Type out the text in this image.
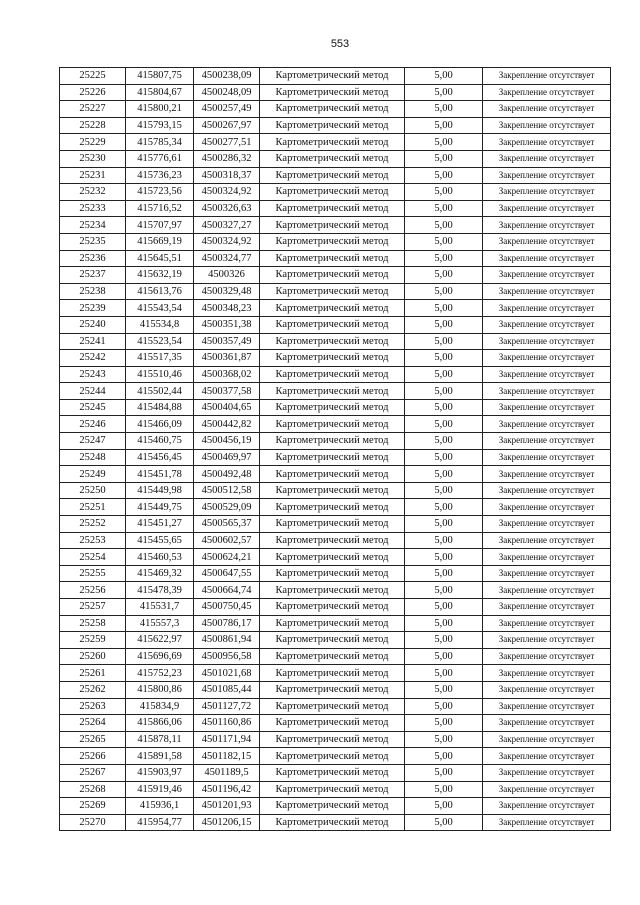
553
25225	415807,75	4500238,09	Картометрический метод	5,00	Закрепление отсутствует
25226	415804,67	4500248,09	Картометрический метод	5,00	Закрепление отсутствует
25227	415800,21	4500257,49	Картометрический метод	5,00	Закрепление отсутствует
25228	415793,15	4500267,97	Картометрический метод	5,00	Закрепление отсутствует
25229	415785,34	4500277,51	Картометрический метод	5,00	Закрепление отсутствует
25230	415776,61	4500286,32	Картометрический метод	5,00	Закрепление отсутствует
25231	415736,23	4500318,37	Картометрический метод	5,00	Закрепление отсутствует
25232	415723,56	4500324,92	Картометрический метод	5,00	Закрепление отсутствует
25233	415716,52	4500326,63	Картометрический метод	5,00	Закрепление отсутствует
25234	415707,97	4500327,27	Картометрический метод	5,00	Закрепление отсутствует
25235	415669,19	4500324,92	Картометрический метод	5,00	Закрепление отсутствует
25236	415645,51	4500324,77	Картометрический метод	5,00	Закрепление отсутствует
25237	415632,19	4500326	Картометрический метод	5,00	Закрепление отсутствует
25238	415613,76	4500329,48	Картометрический метод	5,00	Закрепление отсутствует
25239	415543,54	4500348,23	Картометрический метод	5,00	Закрепление отсутствует
25240	415534,8	4500351,38	Картометрический метод	5,00	Закрепление отсутствует
25241	415523,54	4500357,49	Картометрический метод	5,00	Закрепление отсутствует
25242	415517,35	4500361,87	Картометрический метод	5,00	Закрепление отсутствует
25243	415510,46	4500368,02	Картометрический метод	5,00	Закрепление отсутствует
25244	415502,44	4500377,58	Картометрический метод	5,00	Закрепление отсутствует
25245	415484,88	4500404,65	Картометрический метод	5,00	Закрепление отсутствует
25246	415466,09	4500442,82	Картометрический метод	5,00	Закрепление отсутствует
25247	415460,75	4500456,19	Картометрический метод	5,00	Закрепление отсутствует
25248	415456,45	4500469,97	Картометрический метод	5,00	Закрепление отсутствует
25249	415451,78	4500492,48	Картометрический метод	5,00	Закрепление отсутствует
25250	415449,98	4500512,58	Картометрический метод	5,00	Закрепление отсутствует
25251	415449,75	4500529,09	Картометрический метод	5,00	Закрепление отсутствует
25252	415451,27	4500565,37	Картометрический метод	5,00	Закрепление отсутствует
25253	415455,65	4500602,57	Картометрический метод	5,00	Закрепление отсутствует
25254	415460,53	4500624,21	Картометрический метод	5,00	Закрепление отсутствует
25255	415469,32	4500647,55	Картометрический метод	5,00	Закрепление отсутствует
25256	415478,39	4500664,74	Картометрический метод	5,00	Закрепление отсутствует
25257	415531,7	4500750,45	Картометрический метод	5,00	Закрепление отсутствует
25258	415557,3	4500786,17	Картометрический метод	5,00	Закрепление отсутствует
25259	415622,97	4500861,94	Картометрический метод	5,00	Закрепление отсутствует
25260	415696,69	4500956,58	Картометрический метод	5,00	Закрепление отсутствует
25261	415752,23	4501021,68	Картометрический метод	5,00	Закрепление отсутствует
25262	415800,86	4501085,44	Картометрический метод	5,00	Закрепление отсутствует
25263	415834,9	4501127,72	Картометрический метод	5,00	Закрепление отсутствует
25264	415866,06	4501160,86	Картометрический метод	5,00	Закрепление отсутствует
25265	415878,11	4501171,94	Картометрический метод	5,00	Закрепление отсутствует
25266	415891,58	4501182,15	Картометрический метод	5,00	Закрепление отсутствует
25267	415903,97	4501189,5	Картометрический метод	5,00	Закрепление отсутствует
25268	415919,46	4501196,42	Картометрический метод	5,00	Закрепление отсутствует
25269	415936,1	4501201,93	Картометрический метод	5,00	Закрепление отсутствует
25270	415954,77	4501206,15	Картометрический метод	5,00	Закрепление отсутствует
